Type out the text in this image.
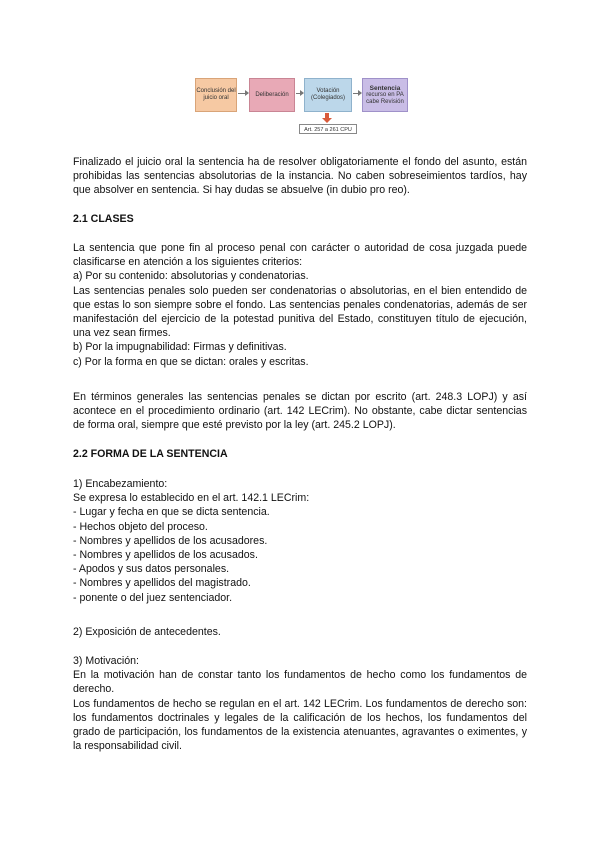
Conclusión del juicio oral
Deliberación
Votación
(Colegiados)
Sentencia
recurso en PA cabe Revisión
Art. 257 a 261 CPU

Finalizado el juicio oral la sentencia ha de resolver obligatoriamente el fondo del asunto, están prohibidas las sentencias absolutorias de la instancia. No caben sobreseimientos tardíos, hay que absolver en sentencia. Si hay dudas se absuelve (in dubio pro reo).

2.1 CLASES

La sentencia que pone fin al proceso penal con carácter o autoridad de cosa juzgada puede clasificarse en atención a los siguientes criterios:

a) Por su contenido: absolutorias y condenatorias.

Las sentencias penales solo pueden ser condenatorias o absolutorias, en el bien entendido de que estas lo son siempre sobre el fondo. Las sentencias penales condenatorias, además de ser manifestación del ejercicio de la potestad punitiva del Estado, constituyen título de ejecución, una vez sean firmes.

b) Por la impugnabilidad: Firmas y definitivas.

c) Por la forma en que se dictan: orales y escritas.

En términos generales las sentencias penales se dictan por escrito (art. 248.3 LOPJ) y así acontece en el procedimiento ordinario (art. 142 LECrim). No obstante, cabe dictar sentencias de forma oral, siempre que esté previsto por la ley (art. 245.2 LOPJ).

2.2 FORMA DE LA SENTENCIA

1) Encabezamiento:

Se expresa lo establecido en el art. 142.1 LECrim:

- Lugar y fecha en que se dicta sentencia.

- Hechos objeto del proceso.

- Nombres y apellidos de los acusadores.

- Nombres y apellidos de los acusados.

- Apodos y sus datos personales.

- Nombres y apellidos del magistrado.

- ponente o del juez sentenciador.

2) Exposición de antecedentes.

3) Motivación:

En la motivación han de constar tanto los fundamentos de hecho como los fundamentos de derecho.

Los fundamentos de hecho se regulan en el art. 142 LECrim. Los fundamentos de derecho son: los fundamentos doctrinales y legales de la calificación de los hechos, los fundamentos del grado de participación, los fundamentos de la existencia atenuantes, agravantes o eximentes, y la responsabilidad civil.
